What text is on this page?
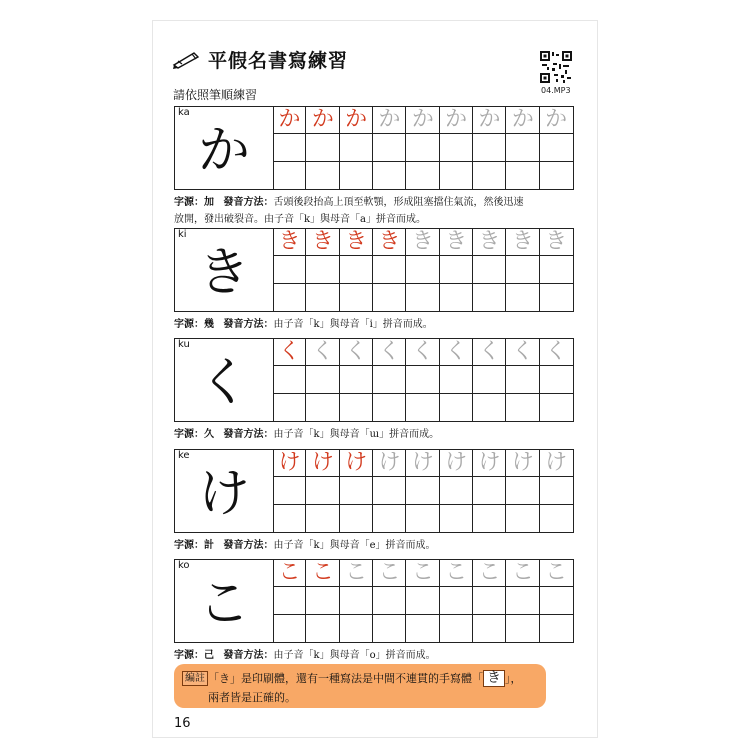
平假名書寫練習
04.MP3
請依照筆順練習
ka
か
か か か か か か か か か
字源：加 發音方法：舌頭後段抬高上頂至軟顎，形成阻塞擋住氣流，然後迅速
放開，發出破裂音。由子音「k」與母音「a」拼音而成。
ki
き
き き き き き き き き き
字源：幾 發音方法：由子音「k」與母音「i」拼音而成。
ku
く
く く く く く く く く く
字源：久 發音方法：由子音「k」與母音「ɯ」拼音而成。
ke
け
け け け け け け け け け
字源：計 發音方法：由子音「k」與母音「e」拼音而成。
ko
こ
こ こ こ こ こ こ こ こ こ
字源：己 發音方法：由子音「k」與母音「o」拼音而成。
編註 「き」是印刷體，還有一種寫法是中間不連貫的手寫體「 き 」，
兩者皆是正確的。
16
